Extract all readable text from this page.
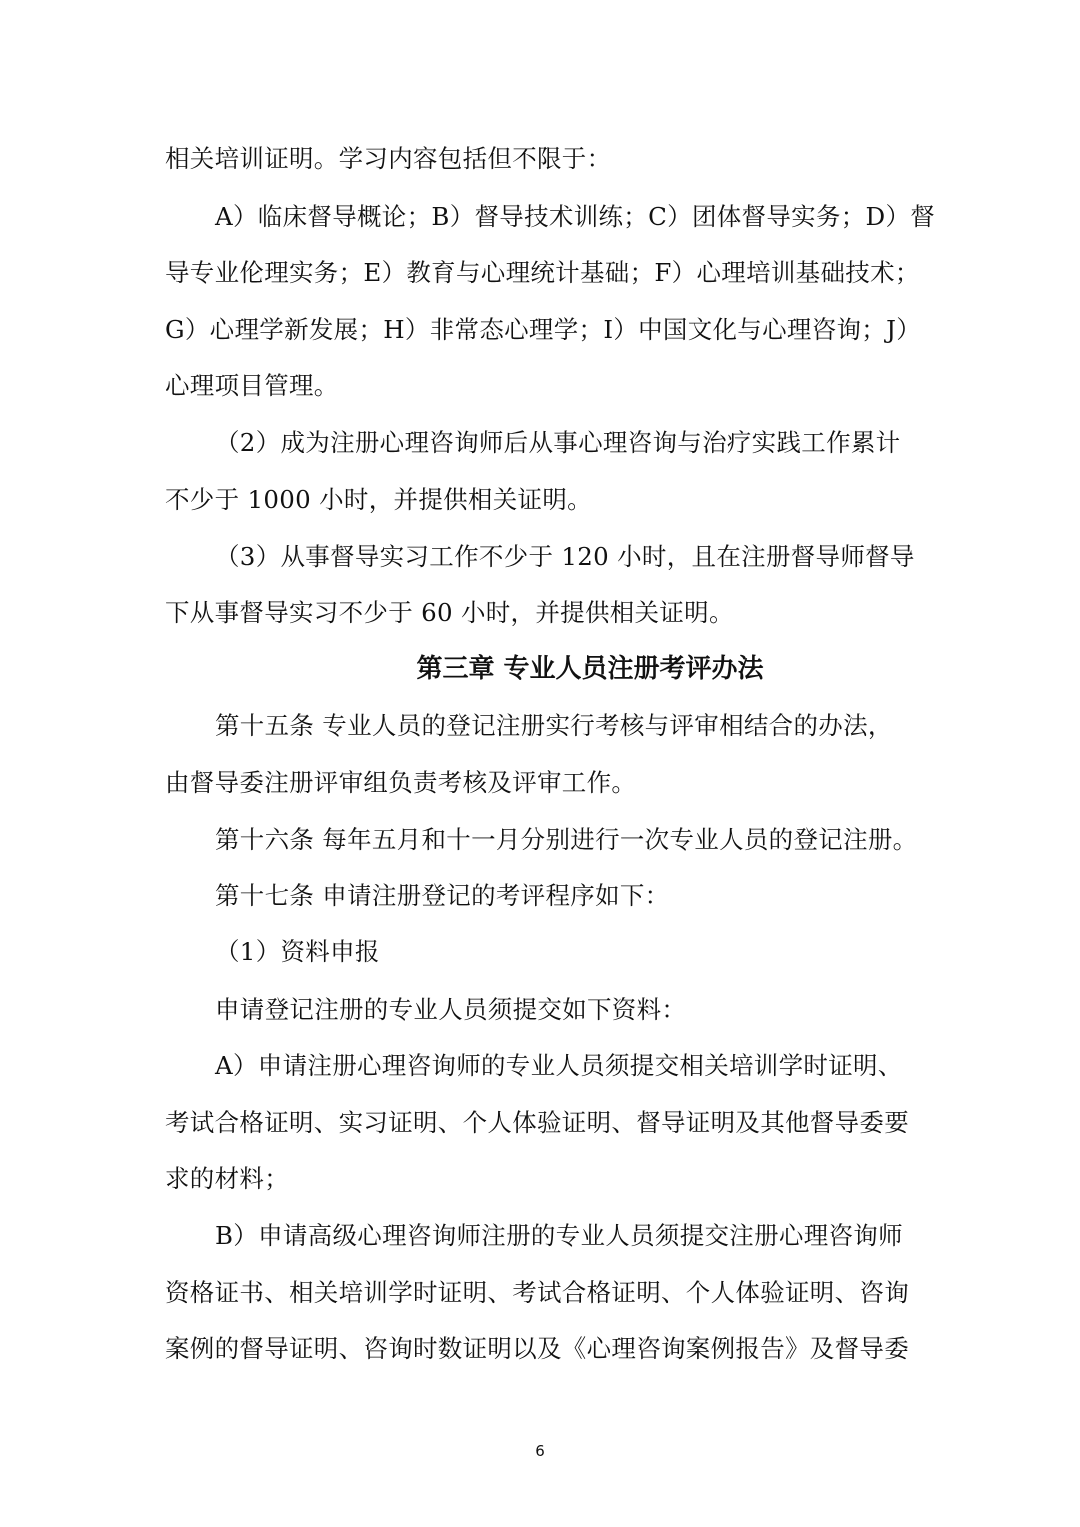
相关培训证明。学习内容包括但不限于：
A）临床督导概论；B）督导技术训练；C）团体督导实务；D）督
导专业伦理实务；E）教育与心理统计基础；F）心理培训基础技术；
G）心理学新发展；H）非常态心理学；I）中国文化与心理咨询；J）
心理项目管理。
（2）成为注册心理咨询师后从事心理咨询与治疗实践工作累计
不少于 1000 小时，并提供相关证明。
（3）从事督导实习工作不少于 120 小时，且在注册督导师督导
下从事督导实习不少于 60 小时，并提供相关证明。
第三章 专业人员注册考评办法
第十五条 专业人员的登记注册实行考核与评审相结合的办法，
由督导委注册评审组负责考核及评审工作。
第十六条 每年五月和十一月分别进行一次专业人员的登记注册。
第十七条 申请注册登记的考评程序如下：
（1）资料申报
申请登记注册的专业人员须提交如下资料：
A）申请注册心理咨询师的专业人员须提交相关培训学时证明、
考试合格证明、实习证明、个人体验证明、督导证明及其他督导委要
求的材料；
B）申请高级心理咨询师注册的专业人员须提交注册心理咨询师
资格证书、相关培训学时证明、考试合格证明、个人体验证明、咨询
案例的督导证明、咨询时数证明以及《心理咨询案例报告》及督导委
6
